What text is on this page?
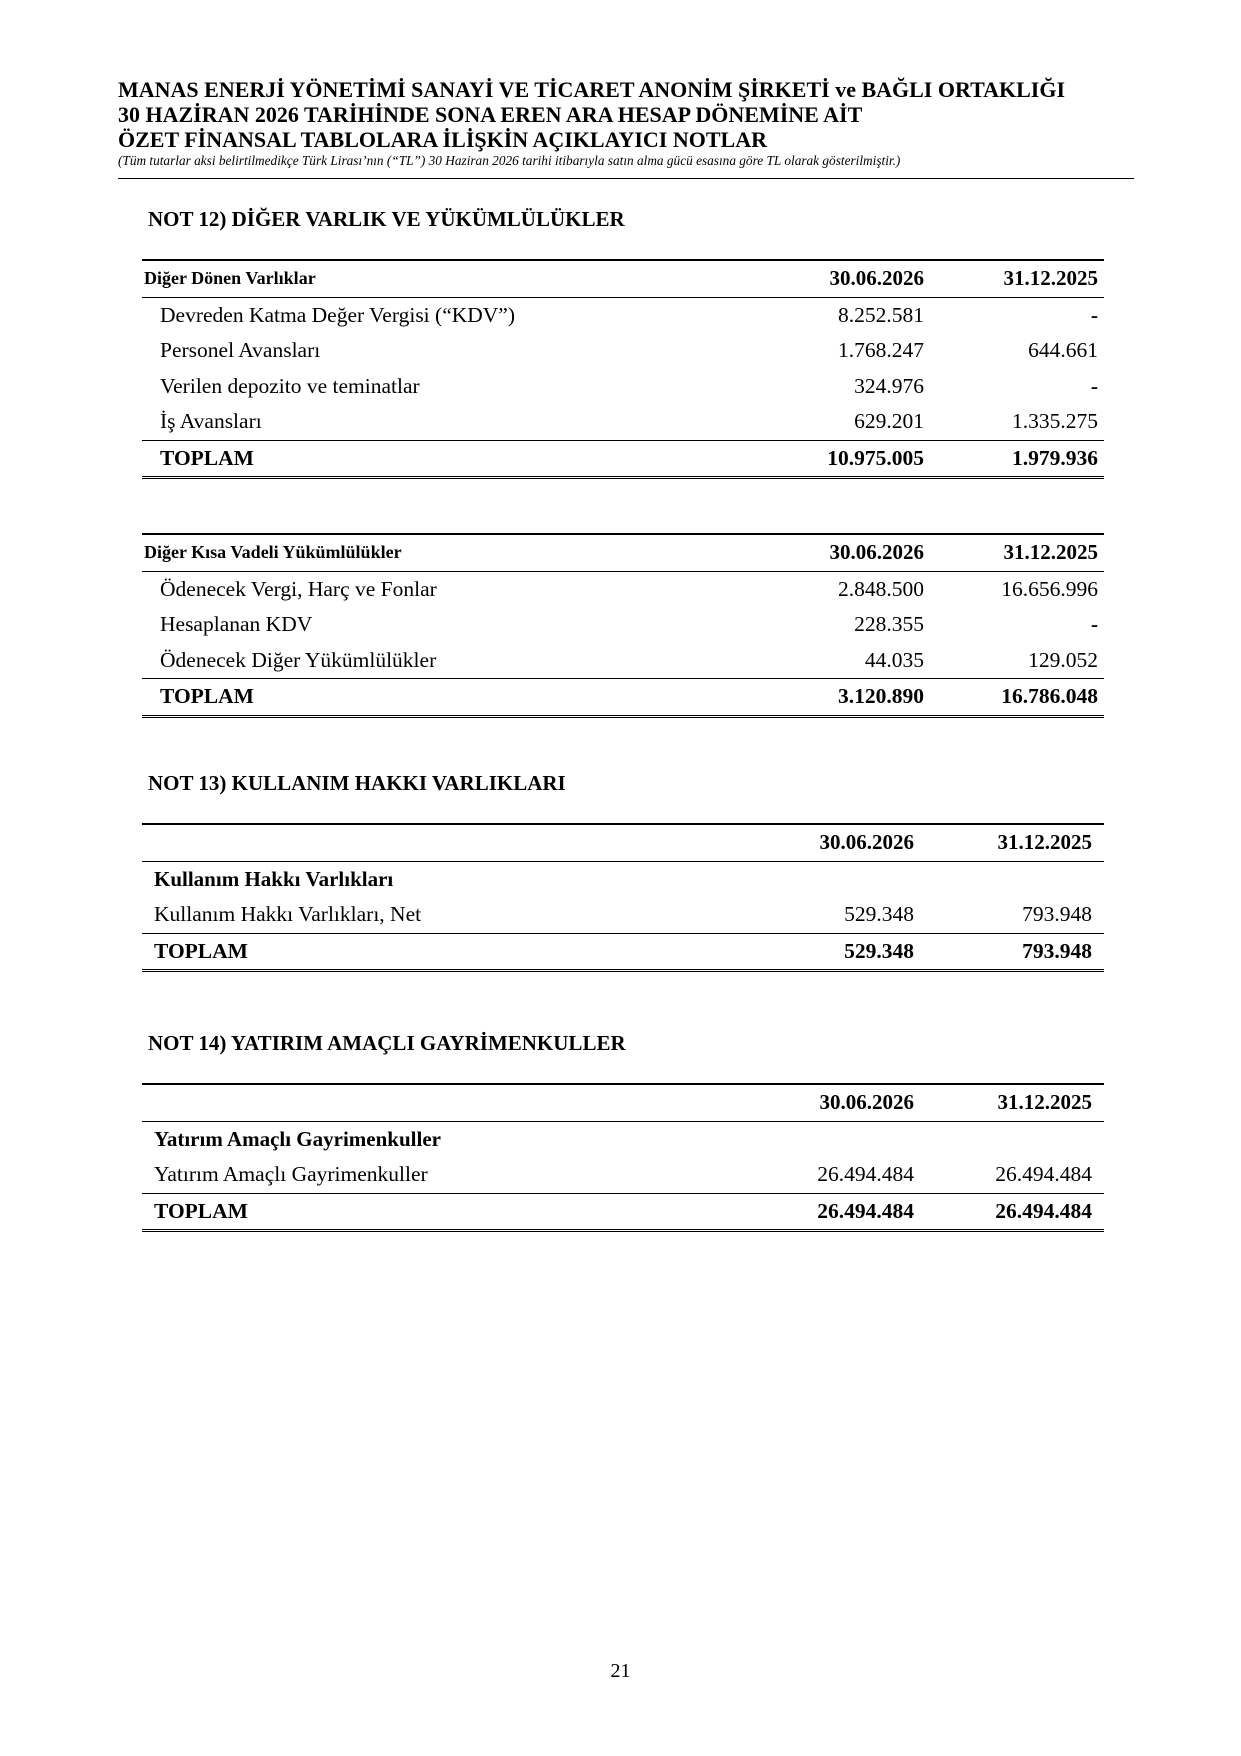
MANAS ENERJİ YÖNETİMİ SANAYİ VE TİCARET ANONİM ŞİRKETİ ve BAĞLI ORTAKLIĞI
30 HAZİRAN 2026 TARİHİNDE SONA EREN ARA HESAP DÖNEMİNE AİT
ÖZET FİNANSAL TABLOLARA İLİŞKİN AÇIKLAYICI NOTLAR
(Tüm tutarlar aksi belirtilmedikçe Türk Lirası’nın (“TL”) 30 Haziran 2026 tarihi itibarıyla satın alma gücü esasına göre TL olarak gösterilmiştir.)
NOT 12) DİĞER VARLIK VE YÜKÜMLÜLÜKLER
Diğer Dönen Varlıklar	30.06.2026	31.12.2025
Devreden Katma Değer Vergisi (“KDV”)	8.252.581	-
Personel Avansları	1.768.247	644.661
Verilen depozito ve teminatlar	324.976	-
İş Avansları	629.201	1.335.275
TOPLAM	10.975.005	1.979.936
Diğer Kısa Vadeli Yükümlülükler	30.06.2026	31.12.2025
Ödenecek Vergi, Harç ve Fonlar	2.848.500	16.656.996
Hesaplanan KDV	228.355	-
Ödenecek Diğer Yükümlülükler	44.035	129.052
TOPLAM	3.120.890	16.786.048
NOT 13) KULLANIM HAKKI VARLIKLARI
30.06.2026	31.12.2025
Kullanım Hakkı Varlıkları
Kullanım Hakkı Varlıkları, Net	529.348	793.948
TOPLAM	529.348	793.948
NOT 14) YATIRIM AMAÇLI GAYRİMENKULLER
30.06.2026	31.12.2025
Yatırım Amaçlı Gayrimenkuller
Yatırım Amaçlı Gayrimenkuller	26.494.484	26.494.484
TOPLAM	26.494.484	26.494.484
21
